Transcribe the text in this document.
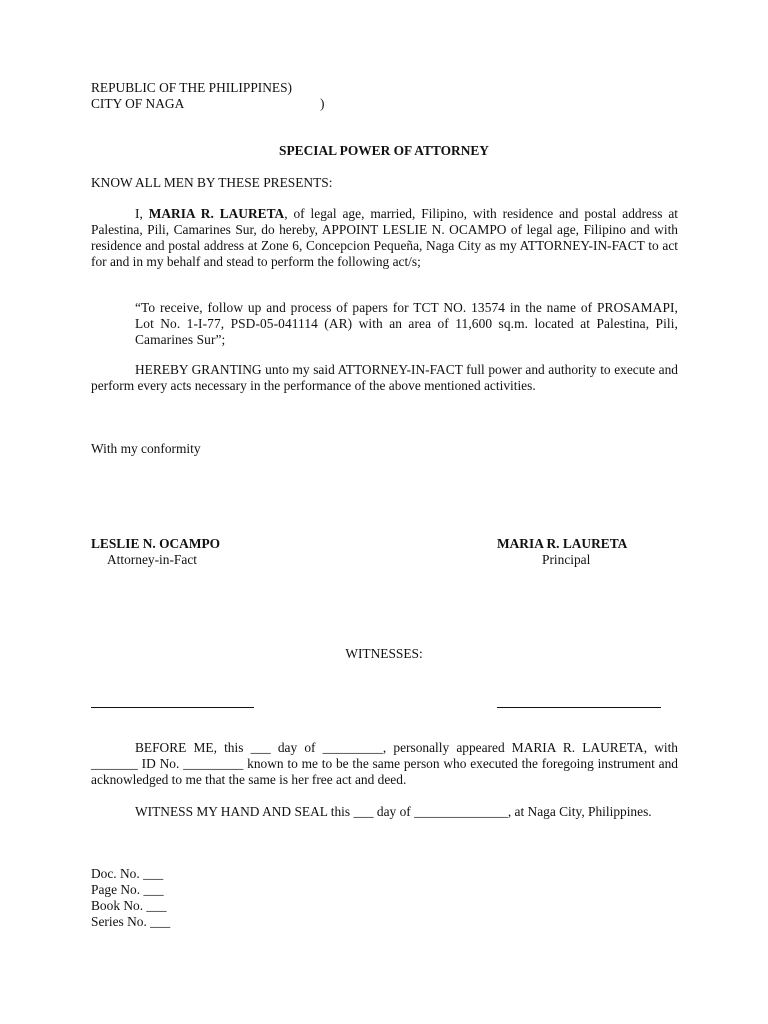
REPUBLIC OF THE PHILIPPINES)
CITY OF NAGA	)
SPECIAL POWER OF ATTORNEY
KNOW ALL MEN BY THESE PRESENTS:
I, MARIA R. LAURETA, of legal age, married, Filipino, with residence and postal address at Palestina, Pili, Camarines Sur, do hereby, APPOINT LESLIE N. OCAMPO of legal age, Filipino and with residence and postal address at Zone 6, Concepcion Pequeña, Naga City as my ATTORNEY-IN-FACT to act for and in my behalf and stead to perform the following act/s;
“To receive, follow up and process of papers for TCT NO. 13574 in the name of PROSAMAPI, Lot No. 1-I-77, PSD-05-041114 (AR) with an area of 11,600 sq.m. located at Palestina, Pili, Camarines Sur”;
HEREBY GRANTING unto my said ATTORNEY-IN-FACT full power and authority to execute and perform every acts necessary in the performance of the above mentioned activities.
With my conformity
LESLIE N. OCAMPO
Attorney-in-Fact
MARIA R. LAURETA
Principal
WITNESSES:
BEFORE ME, this ___ day of _________, personally appeared MARIA R. LAURETA, with _______ ID No. _________ known to me to be the same person who executed the foregoing instrument and acknowledged to me that the same is her free act and deed.
WITNESS MY HAND AND SEAL this ___ day of ______________, at Naga City, Philippines.
Doc. No. ___
Page No. ___
Book No. ___
Series No. ___
